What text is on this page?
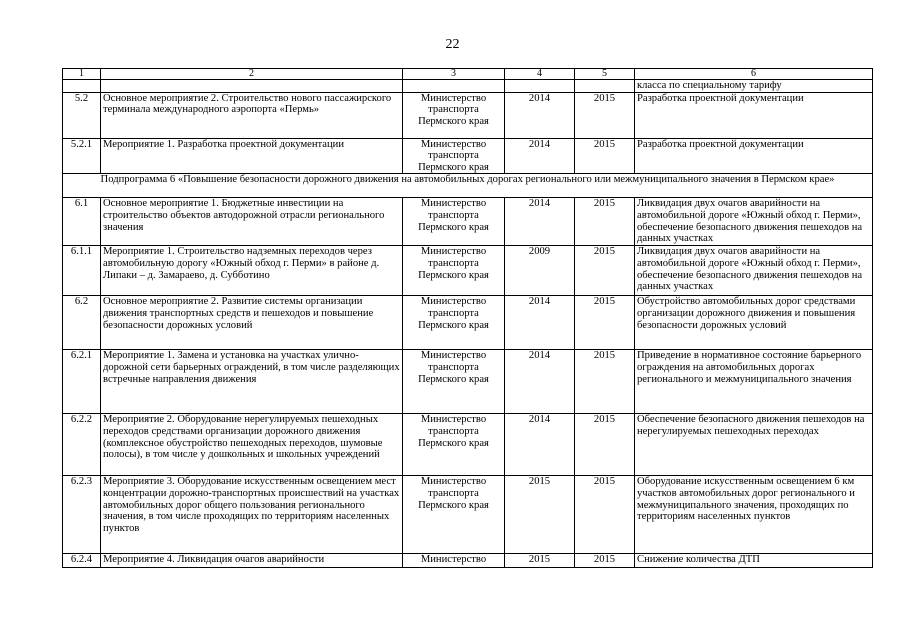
22
1	2	3	4	5	6
					класса по специальному тарифу
5.2	Основное мероприятие 2. Строительство нового пассажирского терминала международного аэропорта «Пермь»	Министерство транспорта Пермского края	2014	2015	Разработка проектной документации
5.2.1	Мероприятие 1. Разработка проектной документации	Министерство транспорта Пермского края	2014	2015	Разработка проектной документации
Подпрограмма 6 «Повышение безопасности дорожного движения на автомобильных дорогах регионального или межмуниципального значения в Пермском крае»					
6.1	Основное мероприятие 1. Бюджетные инвестиции на строительство объектов автодорожной отрасли регионального значения	Министерство транспорта Пермского края	2014	2015	Ликвидация двух очагов аварийности на автомобильной дороге «Южный обход г. Перми», обеспечение безопасного движения пешеходов на данных участках
6.1.1	Мероприятие 1. Строительство надземных переходов через автомобильную дорогу «Южный обход г. Перми» в районе д. Липаки – д. Замараево, д. Субботино	Министерство транспорта Пермского края	2009	2015	Ликвидация двух очагов аварийности на автомобильной дороге «Южный обход г. Перми», обеспечение безопасного движения пешеходов на данных участках
6.2	Основное мероприятие 2. Развитие системы организации движения транспортных средств и пешеходов и повышение безопасности дорожных условий	Министерство транспорта Пермского края	2014	2015	Обустройство автомобильных дорог средствами организации дорожного движения и повышения безопасности дорожных условий
6.2.1	Мероприятие 1. Замена и установка на участках улично-дорожной сети барьерных ограждений, в том числе разделяющих встречные направления движения	Министерство транспорта Пермского края	2014	2015	Приведение в нормативное состояние барьерного ограждения на автомобильных дорогах регионального и межмуниципального значения
6.2.2	Мероприятие 2. Оборудование нерегулируемых пешеходных переходов средствами организации дорожного движения (комплексное обустройство пешеходных переходов, шумовые полосы), в том числе у дошкольных и школьных учреждений	Министерство транспорта Пермского края	2014	2015	Обеспечение безопасного движения пешеходов на нерегулируемых пешеходных переходах
6.2.3	Мероприятие 3. Оборудование искусственным освещением мест концентрации дорожно-транспортных происшествий на участках автомобильных дорог общего пользования регионального значения, в том числе проходящих по территориям населенных пунктов	Министерство транспорта Пермского края	2015	2015	Оборудование искусственным освещением 6 км участков автомобильных дорог регионального и межмуниципального значения, проходящих по территориям населенных пунктов
6.2.4	Мероприятие 4. Ликвидация очагов аварийности	Министерство	2015	2015	Снижение количества ДТП
